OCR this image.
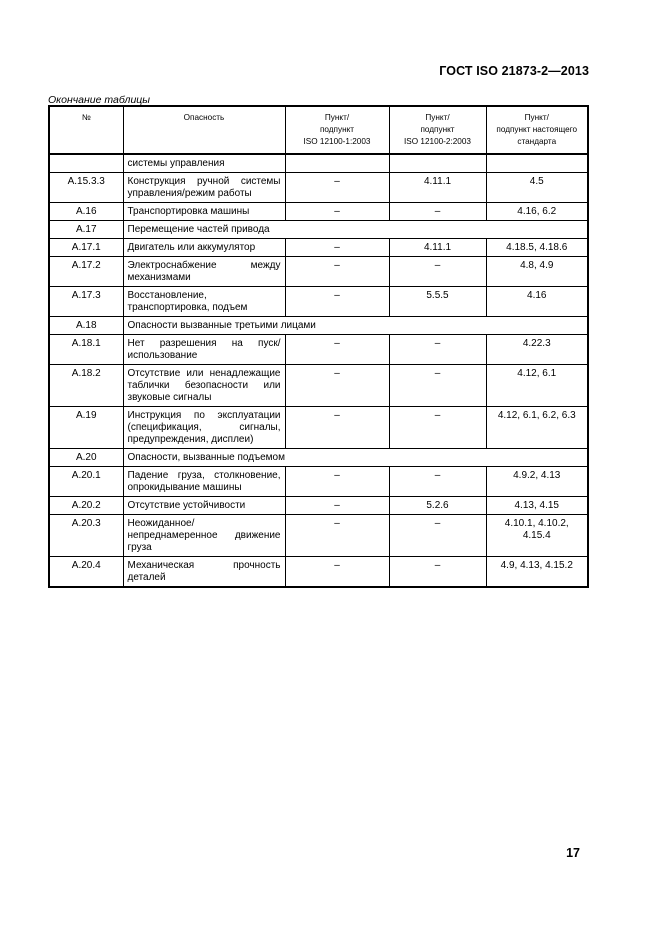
ГОСТ ISO 21873-2—2013
Окончание таблицы
№	Опасность	Пункт/
подпункт
ISO 12100-1:2003	Пункт/
подпункт
ISO 12100-2:2003	Пункт/
подпункт настоящего
стандарта
	системы управления			
А.15.3.3	Конструкция ручной системы управления/режим работы	–	4.11.1	4.5
А.16	Транспортировка машины	–	–	4.16, 6.2
А.17	Перемещение частей привода			
А.17.1	Двигатель или аккумулятор	–	4.11.1	4.18.5, 4.18.6
А.17.2	Электроснабжение между механизмами	–	–	4.8, 4.9
А.17.3	Восстановление, транспортировка, подъем	–	5.5.5	4.16
А.18	Опасности вызванные третьими лицами			
А.18.1	Нет разрешения на пуск/использование	–	–	4.22.3
А.18.2	Отсутствие или ненадлежащие таблички безопасности или звуковые сигналы	–	–	4.12, 6.1
А.19	Инструкция по эксплуатации (спецификация, сигналы, предупреждения, дисплеи)	–	–	4.12, 6.1, 6.2, 6.3
А.20	Опасности, вызванные подъемом			
А.20.1	Падение груза, столкновение, опрокидывание машины	–	–	4.9.2, 4.13
А.20.2	Отсутствие устойчивости	–	5.2.6	4.13, 4.15
А.20.3	Неожиданное/ непреднамеренное движение груза	–	–	4.10.1, 4.10.2, 4.15.4
А.20.4	Механическая прочность деталей	–	–	4.9, 4.13, 4.15.2
17
